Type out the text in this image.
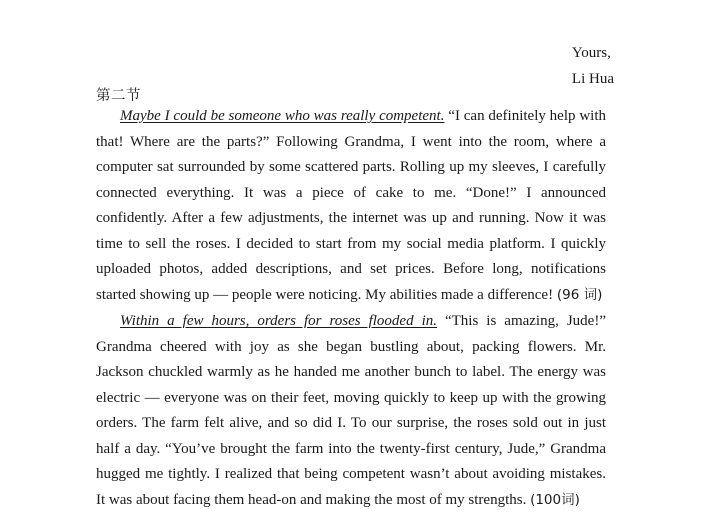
Yours,
Li Hua
第二节

Maybe I could be someone who was really competent. “I can definitely help with that! Where are the parts?” Following Grandma, I went into the room, where a computer sat surrounded by some scattered parts. Rolling up my sleeves, I carefully connected everything. It was a piece of cake to me. “Done!” I announced confidently. After a few adjustments, the internet was up and running. Now it was time to sell the roses. I decided to start from my social media platform. I quickly uploaded photos, added descriptions, and set prices. Before long, notifications started showing up — people were noticing. My abilities made a difference! (96 词)

Within a few hours, orders for roses flooded in. “This is amazing, Jude!” Grandma cheered with joy as she began bustling about, packing flowers. Mr. Jackson chuckled warmly as he handed me another bunch to label. The energy was electric — everyone was on their feet, moving quickly to keep up with the growing orders. The farm felt alive, and so did I. To our surprise, the roses sold out in just half a day. “You’ve brought the farm into the twenty-first century, Jude,” Grandma hugged me tightly. I realized that being competent wasn’t about avoiding mistakes. It was about facing them head-on and making the most of my strengths. (100词)
